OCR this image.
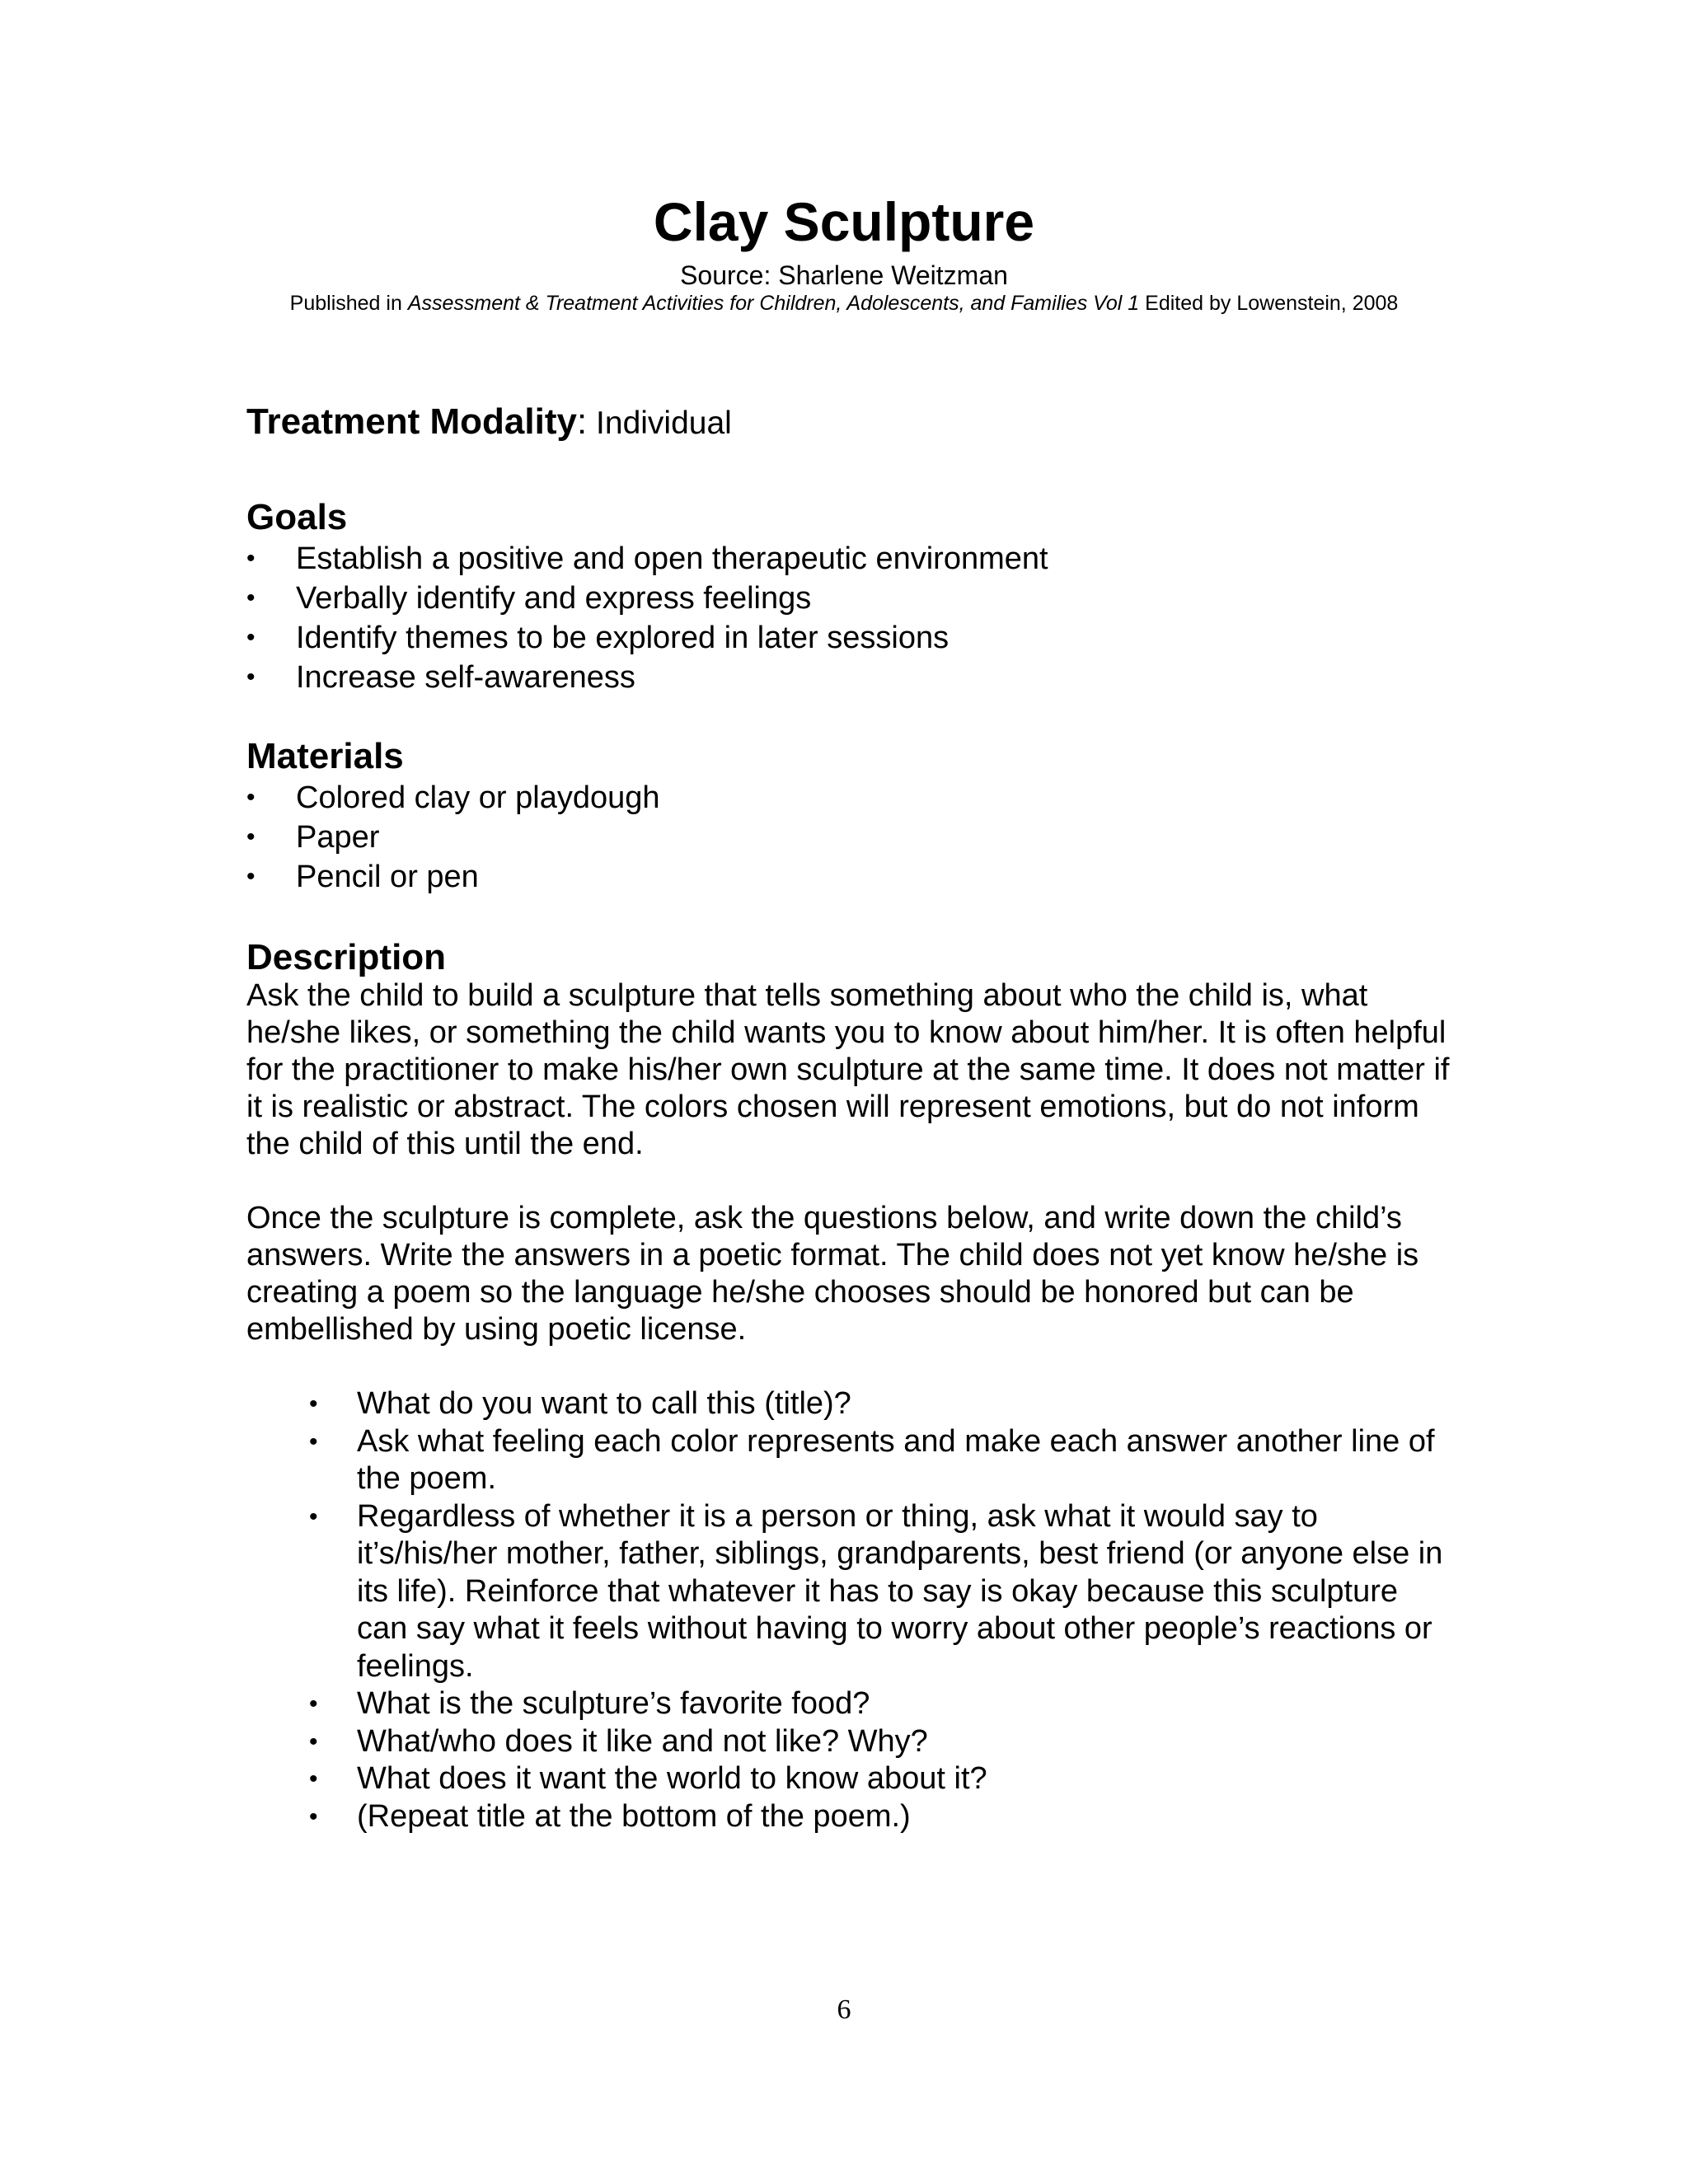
Clay Sculpture
Source: Sharlene Weitzman
Published in Assessment & Treatment Activities for Children, Adolescents, and Families Vol 1 Edited by Lowenstein, 2008

Treatment Modality: Individual

Goals
• Establish a positive and open therapeutic environment
• Verbally identify and express feelings
• Identify themes to be explored in later sessions
• Increase self-awareness
Materials
• Colored clay or playdough
• Paper
• Pencil or pen
Description

Ask the child to build a sculpture that tells something about who the child is, what he/she likes, or something the child wants you to know about him/her. It is often helpful for the practitioner to make his/her own sculpture at the same time. It does not matter if it is realistic or abstract. The colors chosen will represent emotions, but do not inform the child of this until the end.

Once the sculpture is complete, ask the questions below, and write down the child’s answers. Write the answers in a poetic format. The child does not yet know he/she is creating a poem so the language he/she chooses should be honored but can be embellished by using poetic license.

• What do you want to call this (title)?
• Ask what feeling each color represents and make each answer another line of the poem.
• Regardless of whether it is a person or thing, ask what it would say to it’s/his/her mother, father, siblings, grandparents, best friend (or anyone else in its life). Reinforce that whatever it has to say is okay because this sculpture can say what it feels without having to worry about other people’s reactions or feelings.
• What is the sculpture’s favorite food?
• What/who does it like and not like? Why?
• What does it want the world to know about it?
• (Repeat title at the bottom of the poem.)
6
